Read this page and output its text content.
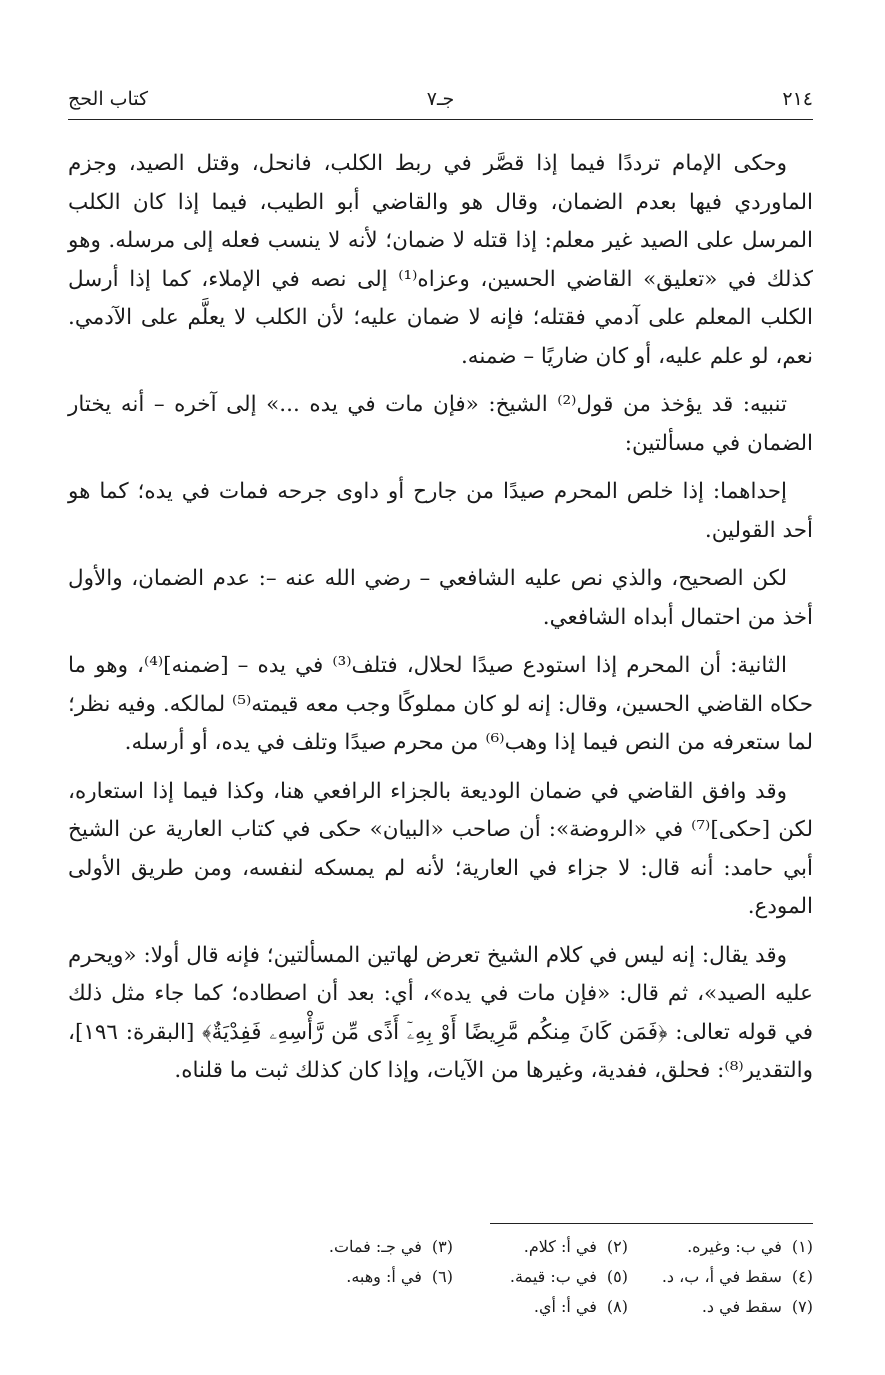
٢١٤
جـ٧
كتاب الحج

وحكى الإمام ترددًا فيما إذا قصَّر في ربط الكلب، فانحل، وقتل الصيد، وجزم الماوردي فيها بعدم الضمان، وقال هو والقاضي أبو الطيب، فيما إذا كان الكلب المرسل على الصيد غير معلم: إذا قتله لا ضمان؛ لأنه لا ينسب فعله إلى مرسله. وهو كذلك في «تعليق» القاضي الحسين، وعزاه⁽¹⁾ إلى نصه في الإملاء، كما إذا أرسل الكلب المعلم على آدمي فقتله؛ فإنه لا ضمان عليه؛ لأن الكلب لا يعلَّم على الآدمي. نعم، لو علم عليه، أو كان ضاريًا – ضمنه.

تنبيه: قد يؤخذ من قول⁽²⁾ الشيخ: «فإن مات في يده ...» إلى آخره – أنه يختار الضمان في مسألتين:

إحداهما: إذا خلص المحرم صيدًا من جارح أو داوى جرحه فمات في يده؛ كما هو أحد القولين.

لكن الصحيح، والذي نص عليه الشافعي – رضي الله عنه –: عدم الضمان، والأول أخذ من احتمال أبداه الشافعي.

الثانية: أن المحرم إذا استودع صيدًا لحلال، فتلف⁽³⁾ في يده – [ضمنه]⁽⁴⁾، وهو ما حكاه القاضي الحسين، وقال: إنه لو كان مملوكًا وجب معه قيمته⁽⁵⁾ لمالكه. وفيه نظر؛ لما ستعرفه من النص فيما إذا وهب⁽⁶⁾ من محرم صيدًا وتلف في يده، أو أرسله.

وقد وافق القاضي في ضمان الوديعة بالجزاء الرافعي هنا، وكذا فيما إذا استعاره، لكن [حكى]⁽⁷⁾ في «الروضة»: أن صاحب «البيان» حكى في كتاب العارية عن الشيخ أبي حامد: أنه قال: لا جزاء في العارية؛ لأنه لم يمسكه لنفسه، ومن طريق الأولى المودع.

وقد يقال: إنه ليس في كلام الشيخ تعرض لهاتين المسألتين؛ فإنه قال أولا: «ويحرم عليه الصيد»، ثم قال: «فإن مات في يده»، أي: بعد أن اصطاده؛ كما جاء مثل ذلك في قوله تعالى: ﴿فَمَن كَانَ مِنكُم مَّرِيضًا أَوْ بِهِۦٓ أَذًى مِّن رَّأْسِهِۦ فَفِدْيَةٌ﴾ [البقرة: ١٩٦]، والتقدير⁽⁸⁾: فحلق، ففدية، وغيرها من الآيات، وإذا كان كذلك ثبت ما قلناه.

(١)في ب: وغيره.
(٢)في أ: كلام.
(٣)في جـ: فمات.
(٤)سقط في أ، ب، د.
(٥)في ب: قيمة.
(٦)في أ: وهبه.
(٧)سقط في د.
(٨)في أ: أي.
